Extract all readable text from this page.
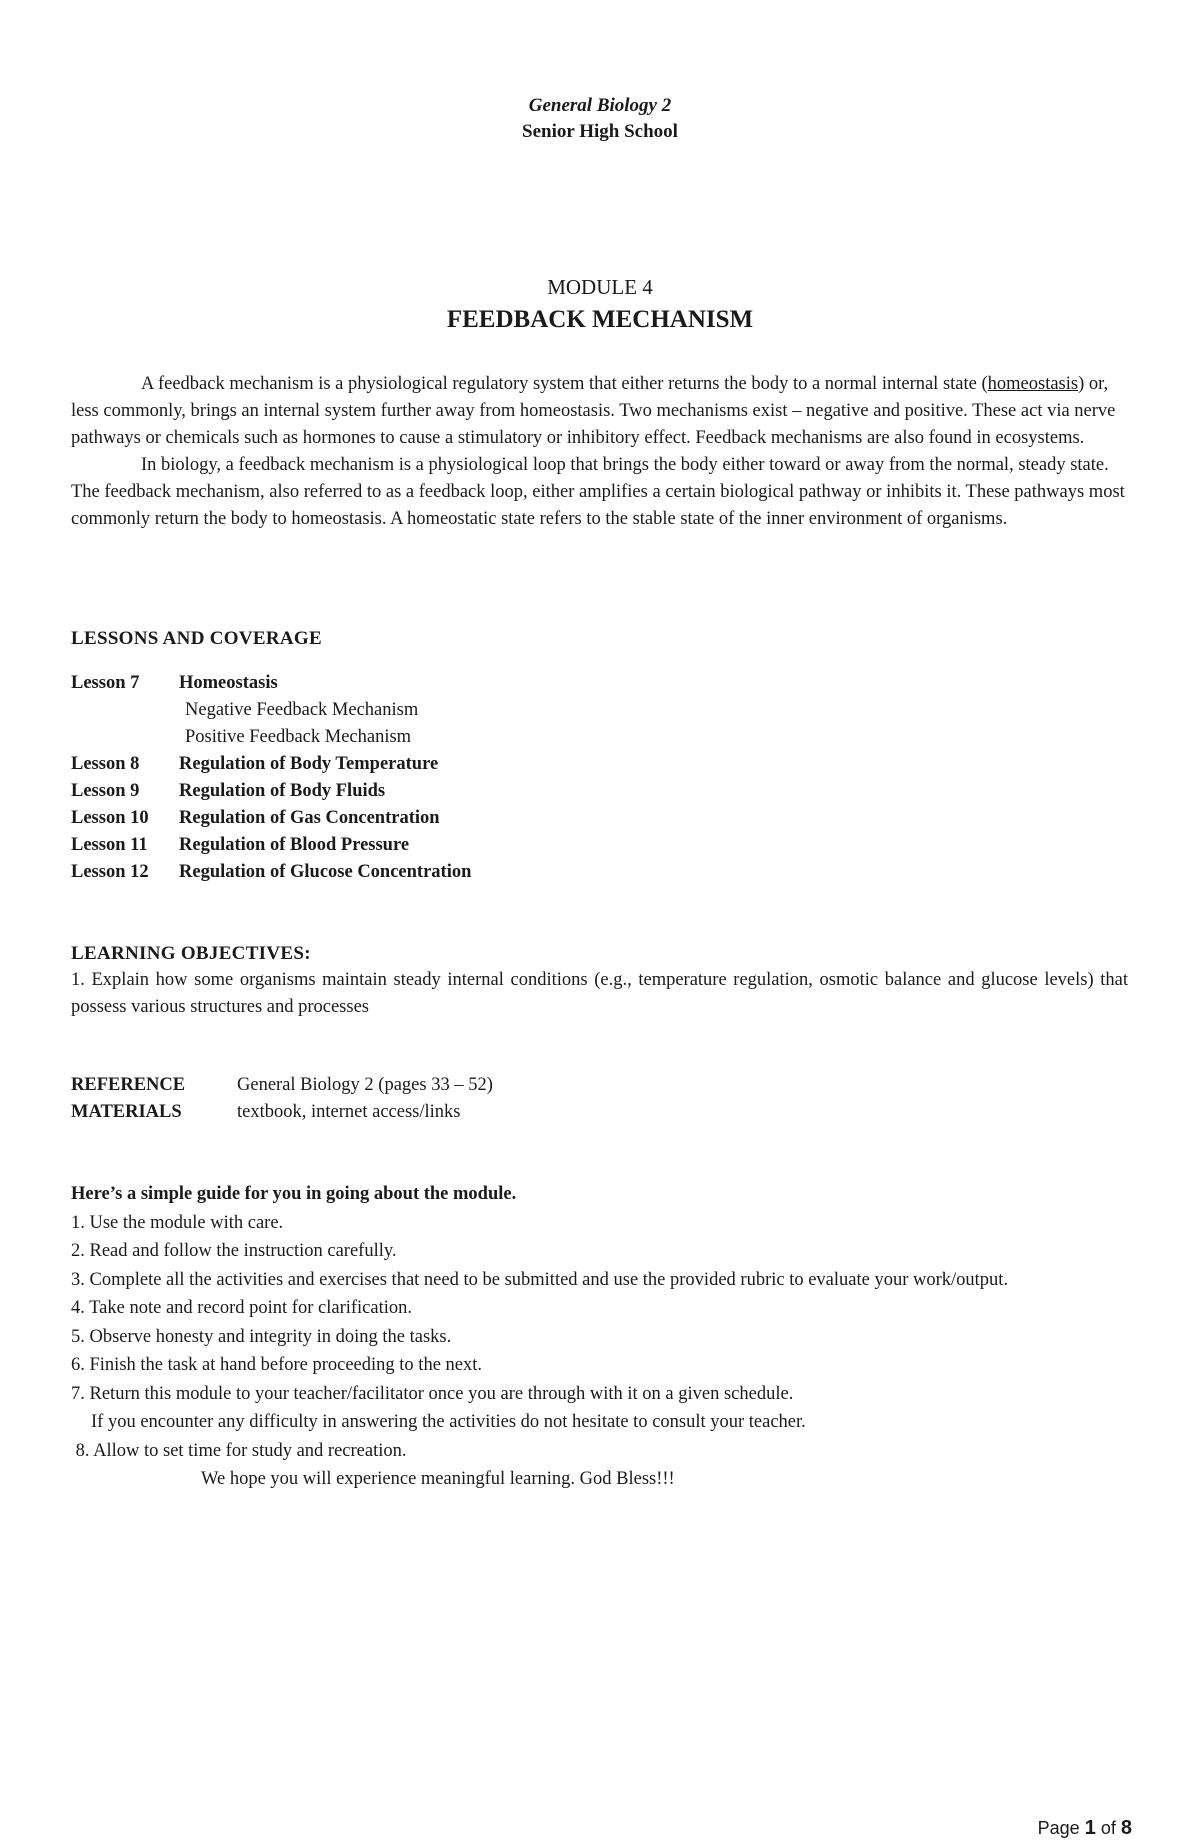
General Biology 2
Senior High School
MODULE 4
FEEDBACK MECHANISM

A feedback mechanism is a physiological regulatory system that either returns the body to a normal internal state (homeostasis) or, less commonly, brings an internal system further away from homeostasis. Two mechanisms exist – negative and positive. These act via nerve pathways or chemicals such as hormones to cause a stimulatory or inhibitory effect. Feedback mechanisms are also found in ecosystems.

In biology, a feedback mechanism is a physiological loop that brings the body either toward or away from the normal, steady state. The feedback mechanism, also referred to as a feedback loop, either amplifies a certain biological pathway or inhibits it. These pathways most commonly return the body to homeostasis. A homeostatic state refers to the stable state of the inner environment of organisms.

LESSONS AND COVERAGE
Lesson 7	Homeostasis
Negative Feedback Mechanism
Positive Feedback Mechanism
Lesson 8	Regulation of Body Temperature
Lesson 9	Regulation of Body Fluids
Lesson 10	Regulation of Gas Concentration
Lesson 11	Regulation of Blood Pressure
Lesson 12	Regulation of Glucose Concentration
LEARNING OBJECTIVES:
1. Explain how some organisms maintain steady internal conditions (e.g., temperature regulation, osmotic balance and glucose levels) that possess various structures and processes
REFERENCE	General Biology 2 (pages 33 – 52)
MATERIALS	textbook, internet access/links
Here’s a simple guide for you in going about the module.
1. Use the module with care.
2. Read and follow the instruction carefully.
3. Complete all the activities and exercises that need to be submitted and use the provided rubric to evaluate your work/output.
4. Take note and record point for clarification.
5. Observe honesty and integrity in doing the tasks.
6. Finish the task at hand before proceeding to the next.
7. Return this module to your teacher/facilitator once you are through with it on a given schedule.
If you encounter any difficulty in answering the activities do not hesitate to consult your teacher.
8. Allow to set time for study and recreation.
We hope you will experience meaningful learning. God Bless!!!
Page 1 of 8
